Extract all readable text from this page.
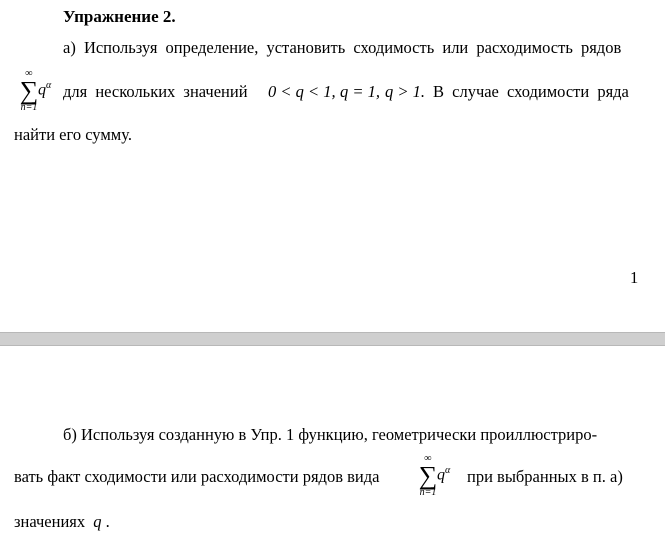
Упражнение 2.
а) Используя определение, установить сходимость или расходимость рядов
∞
∑
n=1
$q^\alpha$ для нескольких значений 0 < q < 1, q = 1, q > 1. В случае сходимости ряда
найти его сумму.
1
б) Используя созданную в Упр. 1 функцию, геометрически проиллюстриро-
вать факт сходимости или расходимости рядов вида
∞
∑
n=1
$q^\alpha$ при выбранных в п. а)
значениях q .
